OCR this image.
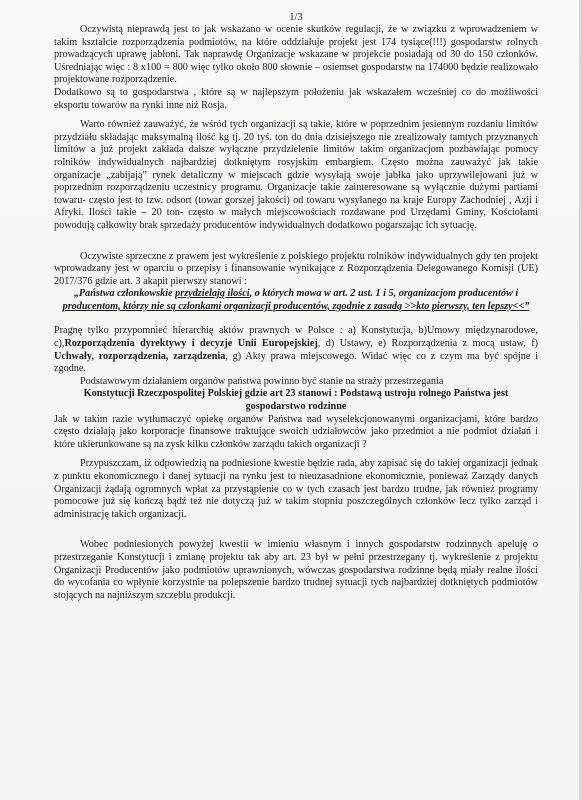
1/3

Oczywistą nieprawdą jest to jak wskazano w ocenie skutków regulacji, że w związku z wprowadzeniem w takim kształcie rozporządzenia podmiotów, na które oddziałuje projekt jest 174 tysiące(!!!) gospodarstw rolnych prowadzących uprawę jabłoni. Tak naprawdę Organizacje wskazane w projekcie posiadają od 30 do 150 członków. Uśredniając więc : 8 x100 = 800 więc tylko około 800 słownie – osiemset gospodarstw na 174000 będzie realizowało projektowane rozporządzenie.

Dodatkowo są to gospodarstwa , które są w najlepszym położeniu jak wskazałem wcześniej co do możliwości eksportu towarów na rynki inne niż Rosja.

Warto również zauważyć, że wśród tych organizacji są takie, które w poprzednim jesiennym rozdaniu limitów przydziału składając maksymalną ilość kg tj. 20 tyś. ton do dnia dzisiejszego nie zrealizowały tamtych przyznanych limitów a już projekt zakłada dalsze wyłączne przydzielenie limitów takim organizacjom pozbawiając pomocy rolników indywidualnych najbardziej dotkniętym rosyjskim embargiem. Często można zauważyć jak takie organizacje „zabijają” rynek detaliczny w miejscach gdzie wysyłają swoje jabłka jako uprzywilejowani już w poprzednim rozporządzeniu uczestnicy programu. Organizacje takie zainteresowane są wyłącznie dużymi partiami towaru- często jest to tzw. odsort (towar gorszej jakości) od towaru wysyłanego na kraje Europy Zachodniej , Azji i Afryki. Ilości takie – 20 ton- często w małych miejscowościach rozdawane pod Urzędami Gminy, Kościołami powodują całkowity brak sprzedaży producentów indywidualnych dodatkowo pogarszając ich sytuację.

Oczywiste sprzeczne z prawem jest wykreślenie z polskiego projektu rolników indywidualnych gdy ten projekt wprowadzany jest w oparciu o przepisy i finansowanie wynikające z Rozporządzenia Delegowanego Komisji (UE) 2017/376 gdzie art. 3 akapit pierwszy stanowi :

„Państwa członkowskie przydzielają ilości, o których mowa w art. 2 ust. 1 i 5, organizacjom producentów i producentom, którzy nie są członkami organizacji producentów, zgodnie z zasadą >>kto pierwszy, ten lepszy<<”

Pragnę tylko przypomnieć hierarchię aktów prawnych w Polsce : a) Konstytucja, b)Umowy międzynarodowe, c),Rozporządzenia dyrektywy i decyzje Unii Europejskiej, d) Ustawy, e) Rozporządzenia z mocą ustaw, f) Uchwały, rozporządzenia, zarządzenia, g) Akty prawa miejscowego. Widać więc co z czym ma być spójne i zgodne.

Podstawowym działaniem organów państwa powinno być stanie na straży przestrzegania

Konstytucji Rzeczpospolitej Polskiej gdzie art 23 stanowi : Podstawą ustroju rolnego Państwa jest gospodarstwo rodzinne

Jak w takim razie wytłumaczyć opiekę organów Państwa nad wyselekcjonowanymi organizacjami, które bardzo często działają jako korporacje finansowe traktujące swoich udziałowców jako przedmiot a nie podmiot działań i które ukierunkowane są na zysk kilku członków zarządu takich organizacji ?

Przypuszczam, iż odpowiedzią na podniesione kwestie będzie rada, aby zapisać się do takiej organizacji jednak z punktu ekonomicznego i danej sytuacji na rynku jest to nieuzasadnione ekonomicznie, ponieważ Zarządy danych Organizacji żądają ogromnych wpłat za przystąpienie co w tych czasach jest bardzo trudne, jak również programy pomocowe już się kończą bądź też nie dotyczą już w takim stopniu poszczególnych członków lecz tylko zarząd i administrację takich organizacji.

Wobec podniesionych powyżej kwestii w imieniu własnym i innych gospodarstw rodzinnych apeluję o przestrzeganie Konstytucji i zmianę projektu tak aby art. 23 był w pełni przestrzegany tj. wykreślenie z projektu Organizacji Producentów jako podmiotów uprawnionych, wówczas gospodarstwa rodzinne będą miały realne ilości do wycofania co wpłynie korzystnie na polepszenie bardzo trudnej sytuacji tych najbardziej dotkniętych podmiotów stojących na najniższym szczeblu produkcji.
